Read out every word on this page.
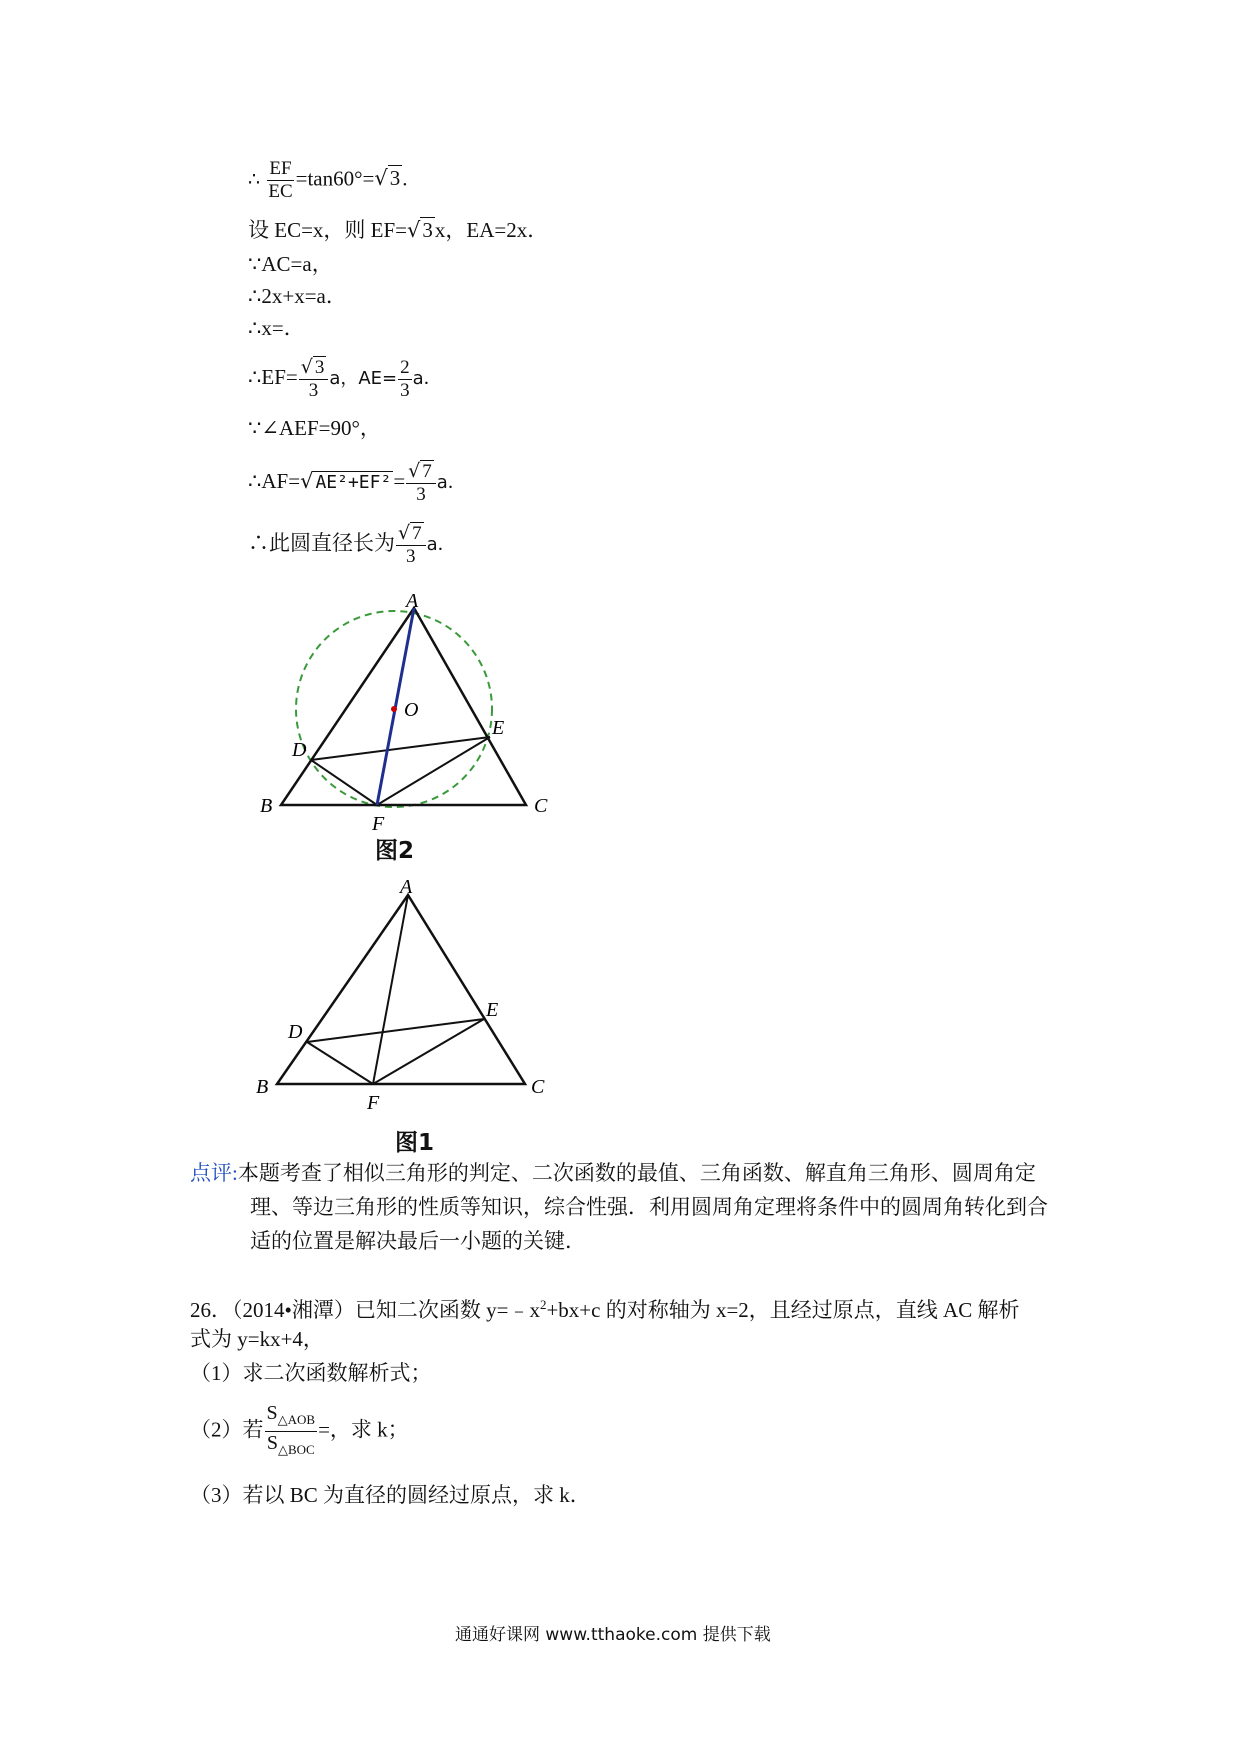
∴ $\frac{EF}{EC} =\tan 60^\circ=√3$.
设 EC=x，则 EF=√3x，EA=2x．
∵AC=a，
∴2x+x=a．
∴x=．
∴EF= $\frac{√ 3}{3}$ a，$AE= \frac{2}{3}$ a．
∵∠AEF=90°，
∴AF=√ $AE^2+EF^2= \frac{√ 7}{3}$ a．
∴此圆直径长为 $\frac{√ 7}{3}$ a．
A
O
D
E
B	C
F
图2
A
D
E
B	C
F
图1
点评:本题考查了相似三角形的判定、二次函数的最值、三角函数、解直角三角形、圆周角定
理、等边三角形的性质等知识，综合性强．利用圆周角定理将条件中的圆周角转化到合
适的位置是解决最后一小题的关键．
26．（2014•湘潭）已知二次函数 $y=﹣x^2+bx+c$ 的对称轴为 x=2，且经过原点，直线 AC 解析
式为 y=kx+4，
（1）求二次函数解析式；
（2）若 $\frac{S_{\triangle AOB}}{S_{\triangle BOC}}$ =，求 k；
（3）若以 BC 为直径的圆经过原点，求 k．
通通好课网 www.tthaoke.com 提供下载
